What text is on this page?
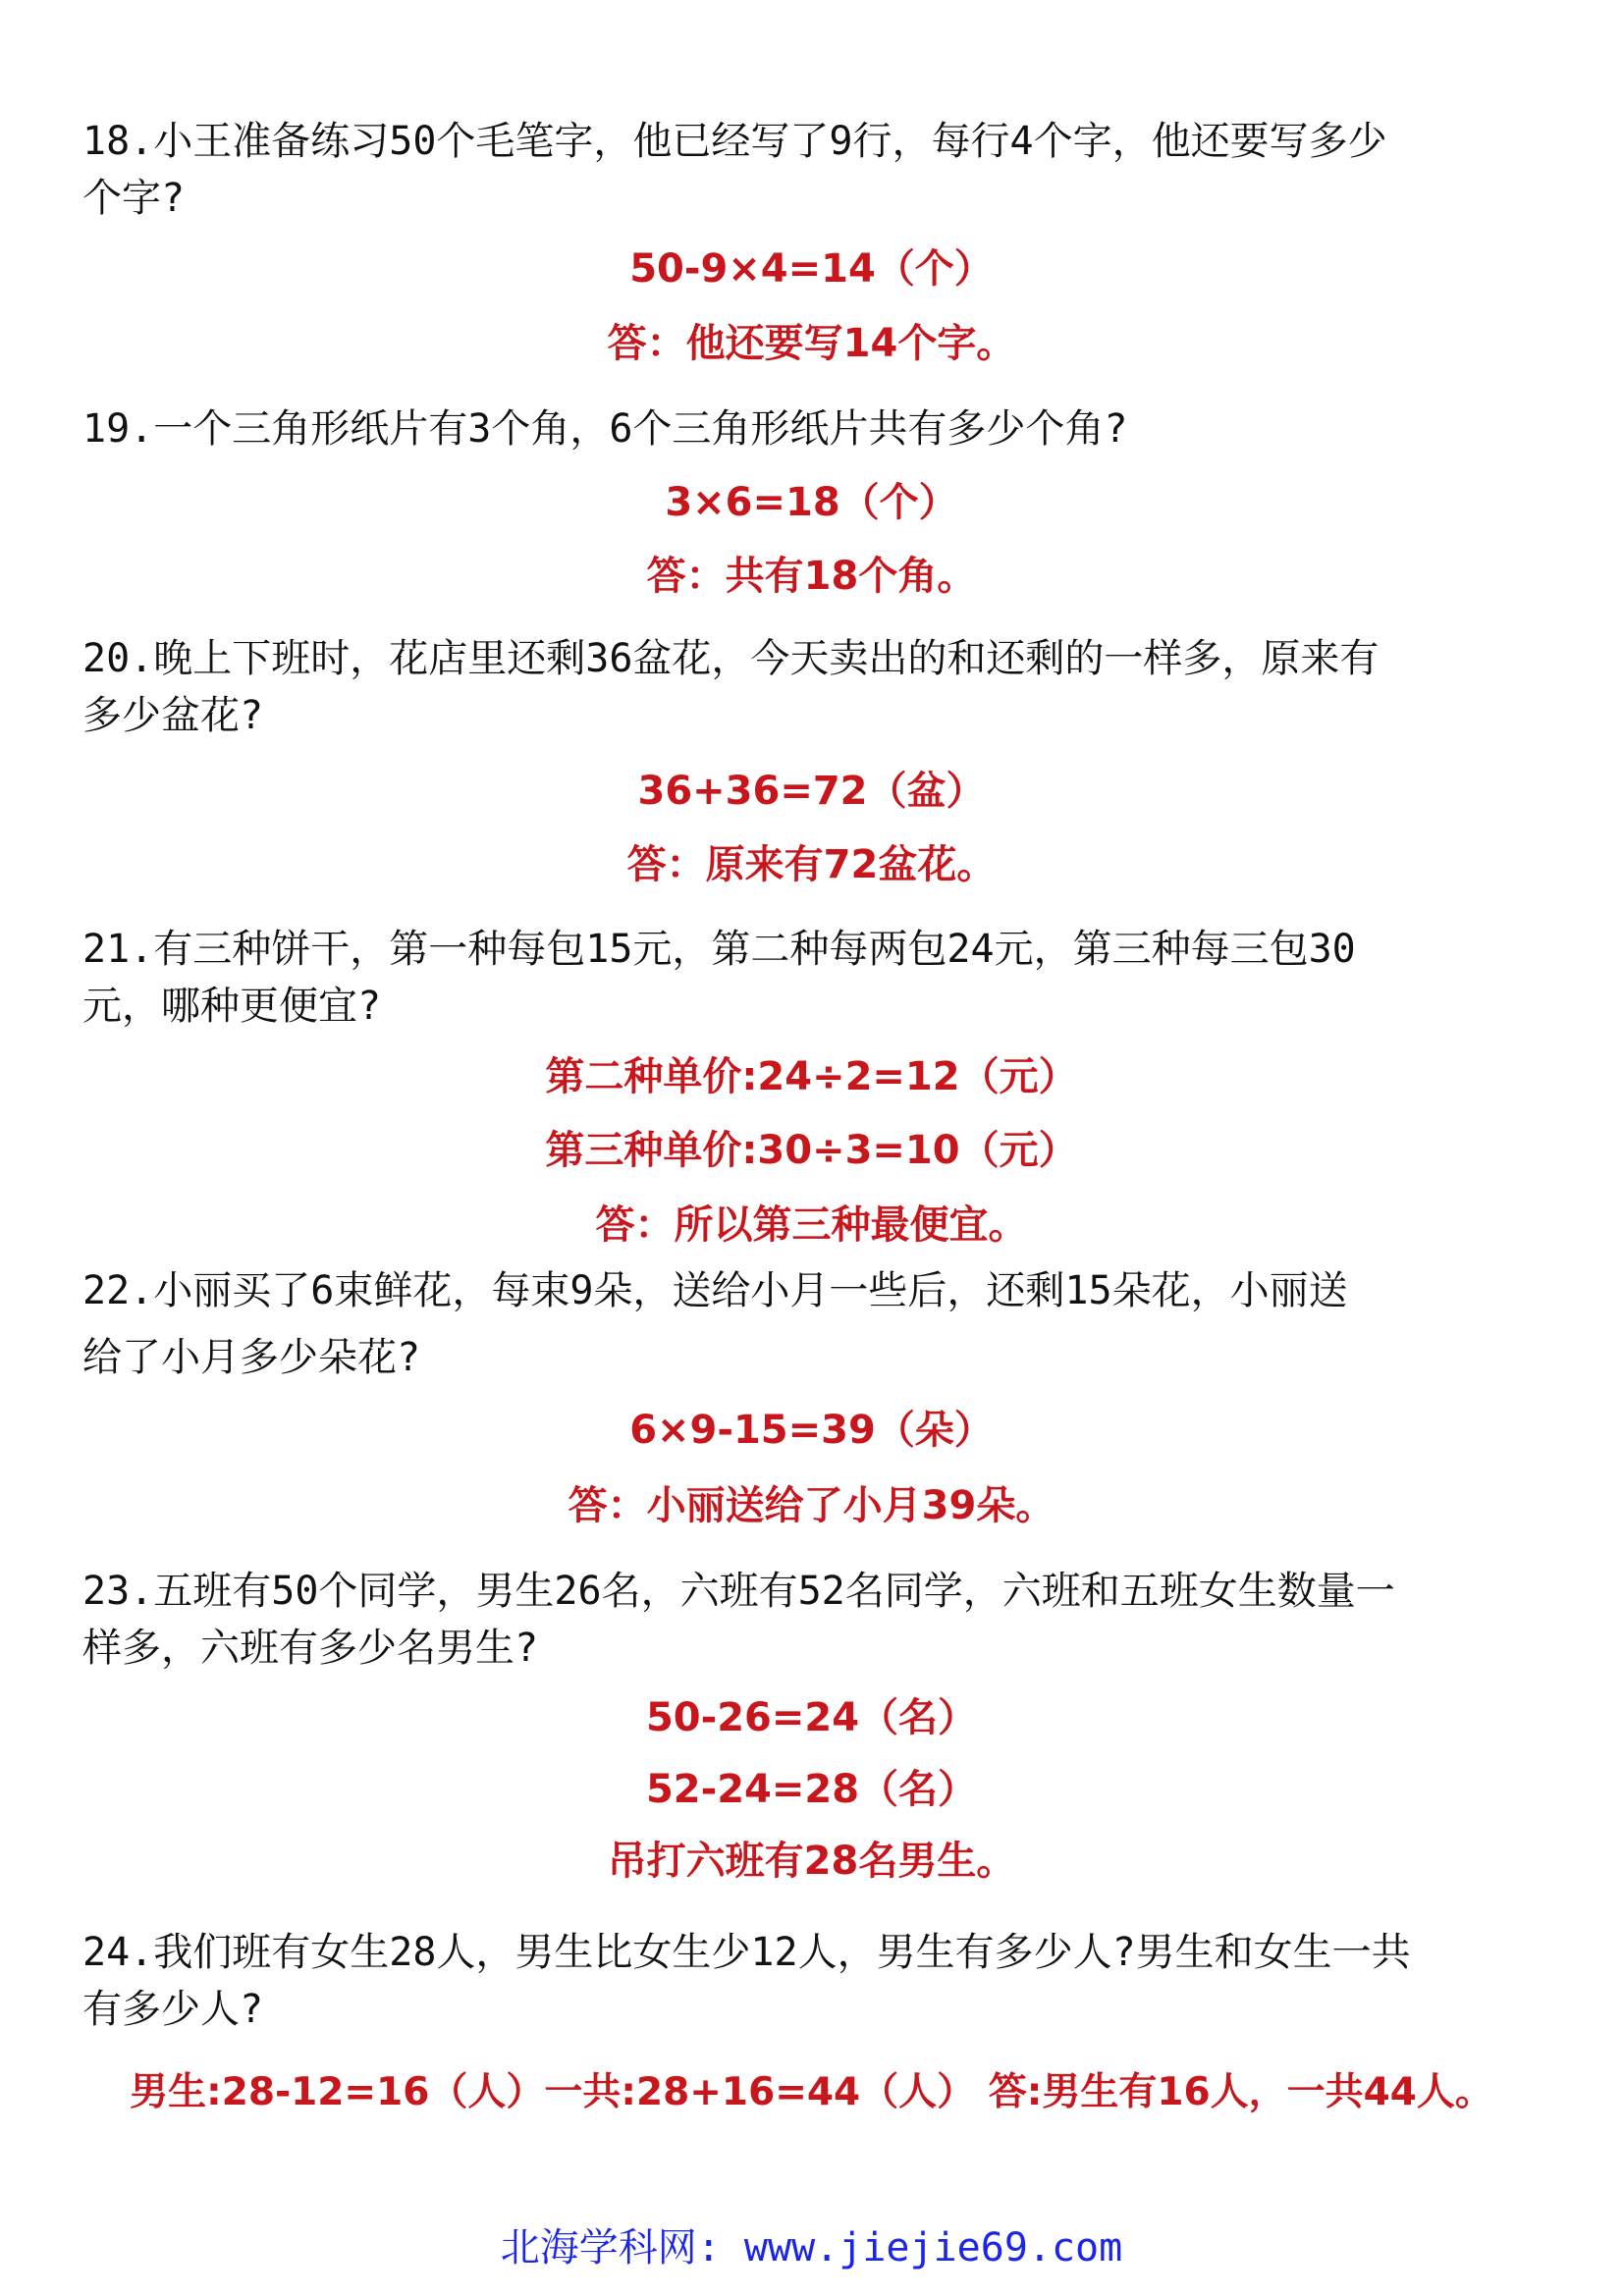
18.小王准备练习50个毛笔字，他已经写了9行，每行4个字，他还要写多少
个字?

50-9×4=14（个）

答：他还要写14个字。

19.一个三角形纸片有3个角，6个三角形纸片共有多少个角?

3×6=18（个）

答：共有18个角。

20.晚上下班时，花店里还剩36盆花，今天卖出的和还剩的一样多，原来有
多少盆花?

36+36=72（盆）

答：原来有72盆花。

21.有三种饼干，第一种每包15元，第二种每两包24元，第三种每三包30
元，哪种更便宜?

第二种单价:24÷2=12（元）

第三种单价:30÷3=10（元）

答：所以第三种最便宜。

22.小丽买了6束鲜花，每束9朵，送给小月一些后，还剩15朵花，小丽送
给了小月多少朵花?

6×9-15=39（朵）

答：小丽送给了小月39朵。

23.五班有50个同学，男生26名，六班有52名同学，六班和五班女生数量一
样多，六班有多少名男生?

50-26=24（名）

52-24=28（名）

吊打六班有28名男生。

24.我们班有女生28人，男生比女生少12人，男生有多少人?男生和女生一共
有多少人?

男生:28-12=16（人）一共:28+16=44（人） 答:男生有16人，一共44人。

北海学科网: www.jiejie69.com
